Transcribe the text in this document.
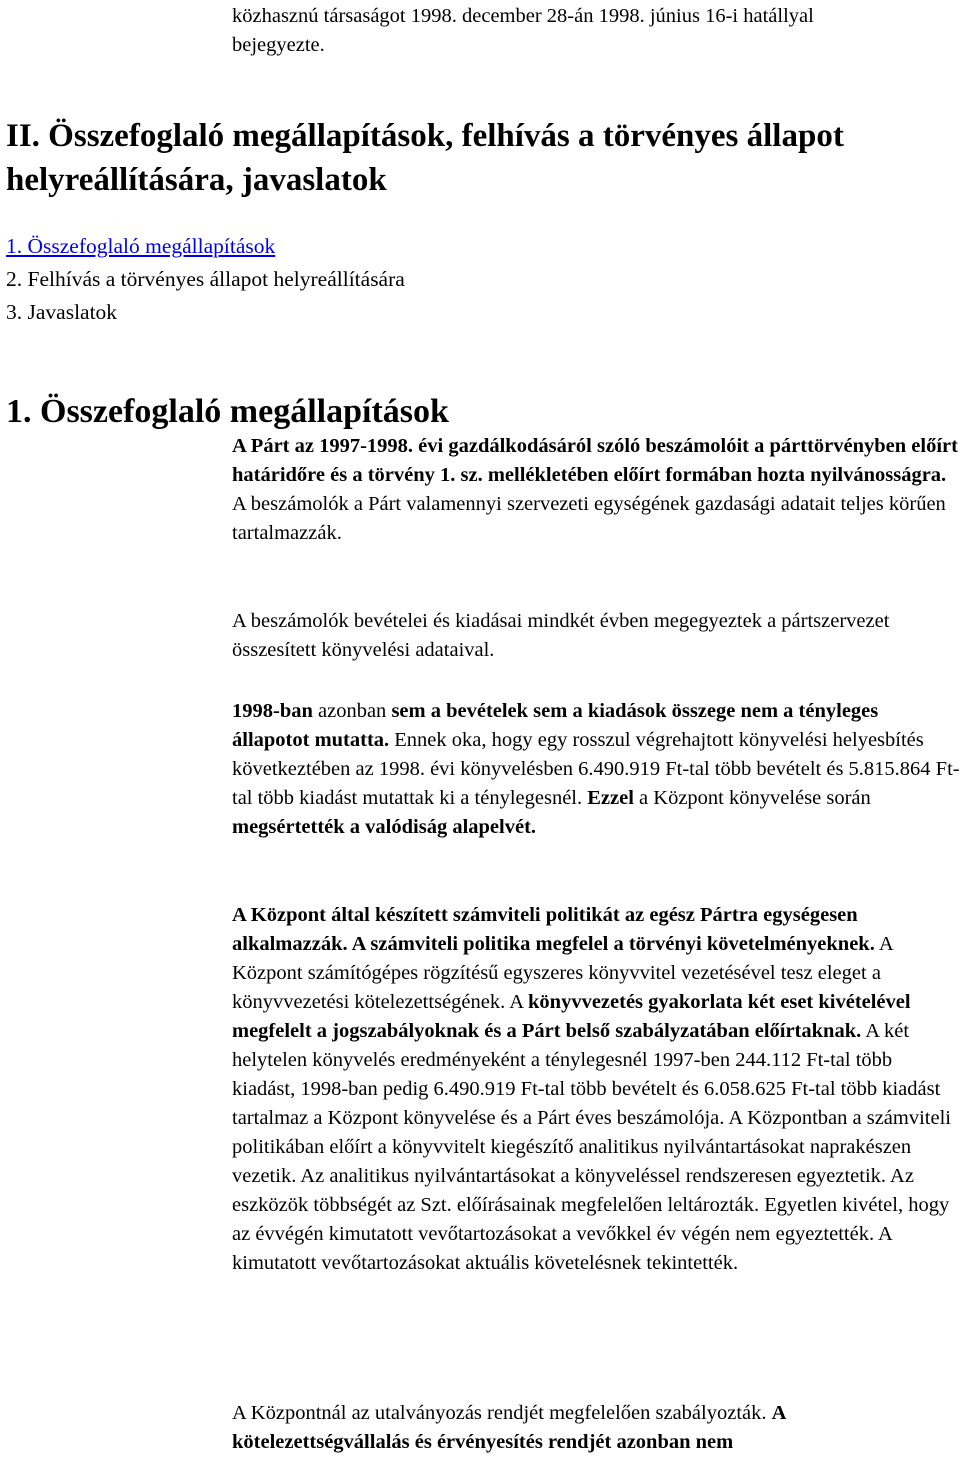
közhasznú társaságot 1998. december 28-án 1998. június 16-i hatállyal
bejegyezte.
II. Összefoglaló megállapítások, felhívás a törvényes állapot helyreállítására, javaslatok
1. Összefoglaló megállapítások
2. Felhívás a törvényes állapot helyreállítására
3. Javaslatok
1. Összefoglaló megállapítások

A Párt az 1997-1998. évi gazdálkodásáról szóló beszámolóit a párttörvényben előírt határidőre és a törvény 1. sz. mellékletében előírt formában hozta nyilvánosságra. A beszámolók a Párt valamennyi szervezeti egységének gazdasági adatait teljes körűen tartalmazzák.

A beszámolók bevételei és kiadásai mindkét évben megegyeztek a pártszervezet összesített könyvelési adataival.

1998-ban azonban sem a bevételek sem a kiadások összege nem a tényleges állapotot mutatta. Ennek oka, hogy egy rosszul végrehajtott könyvelési helyesbítés következtében az 1998. évi könyvelésben 6.490.919 Ft-tal több bevételt és 5.815.864 Ft-tal több kiadást mutattak ki a ténylegesnél. Ezzel a Központ könyvelése során megsértették a valódiság alapelvét.

A Központ által készített számviteli politikát az egész Pártra egységesen alkalmazzák. A számviteli politika megfelel a törvényi követelményeknek. A Központ számítógépes rögzítésű egyszeres könyvvitel vezetésével tesz eleget a könyvvezetési kötelezettségének. A könyvvezetés gyakorlata két eset kivételével megfelelt a jogszabályoknak és a Párt belső szabályzatában előírtaknak. A két helytelen könyvelés eredményeként a ténylegesnél 1997-ben 244.112 Ft-tal több kiadást, 1998-ban pedig 6.490.919 Ft-tal több bevételt és 6.058.625 Ft-tal több kiadást tartalmaz a Központ könyvelése és a Párt éves beszámolója. A Központban a számviteli politikában előírt a könyvvitelt kiegészítő analitikus nyilvántartásokat naprakészen vezetik. Az analitikus nyilvántartásokat a könyveléssel rendszeresen egyeztetik. Az eszközök többségét az Szt. előírásainak megfelelően leltározták. Egyetlen kivétel, hogy az évvégén kimutatott vevőtartozásokat a vevőkkel év végén nem egyeztették. A kimutatott vevőtartozásokat aktuális követelésnek tekintették.

A Központnál az utalványozás rendjét megfelelően szabályozták. A kötelezettségvállalás és érvényesítés rendjét azonban nem
